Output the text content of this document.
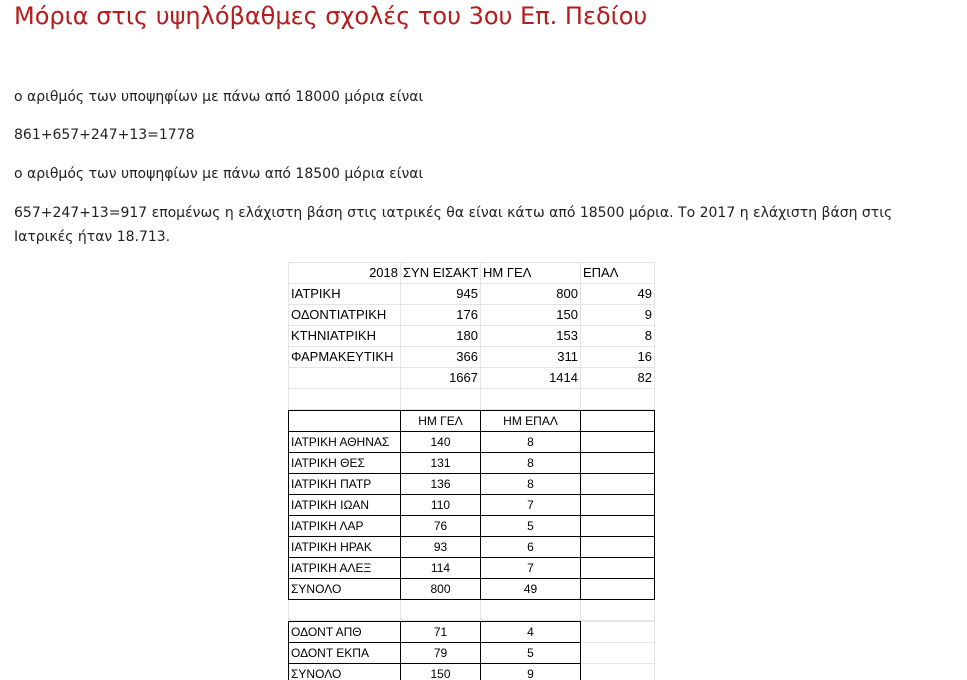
Μόρια στις υψηλόβαθμες σχολές του 3ου Επ. Πεδίου

ο αριθμός των υποψηφίων με πάνω από 18000 μόρια είναι

861+657+247+13=1778

ο αριθμός των υποψηφίων με πάνω από 18500 μόρια είναι

657+247+13=917 επομένως η ελάχιστη βάση στις ιατρικές θα είναι κάτω από 18500 μόρια. Το 2017 η ελάχιστη βάση στις Ιατρικές ήταν 18.713.

2018	ΣΥΝ ΕΙΣΑΚΤ	ΗΜ ΓΕΛ	ΕΠΑΛ
ΙΑΤΡΙΚΗ	945	800	49
ΟΔΟΝΤΙΑΤΡΙΚΗ	176	150	9
ΚΤΗΝΙΑΤΡΙΚΗ	180	153	8
ΦΑΡΜΑΚΕΥΤΙΚΗ	366	311	16
	1667	1414	82

	ΗΜ ΓΕΛ	ΗΜ ΕΠΑΛ	
ΙΑΤΡΙΚΗ ΑΘΗΝΑΣ	140	8	
ΙΑΤΡΙΚΗ ΘΕΣ	131	8	
ΙΑΤΡΙΚΗ ΠΑΤΡ	136	8	
ΙΑΤΡΙΚΗ ΙΩΑΝ	110	7	
ΙΑΤΡΙΚΗ ΛΑΡ	76	5	
ΙΑΤΡΙΚΗ ΗΡΑΚ	93	6	
ΙΑΤΡΙΚΗ ΑΛΕΞ	114	7	
ΣΥΝΟΛΟ	800	49	

ΟΔΟΝΤ ΑΠΘ	71	4	
ΟΔΟΝΤ ΕΚΠΑ	79	5	
ΣΥΝΟΛΟ	150	9	
